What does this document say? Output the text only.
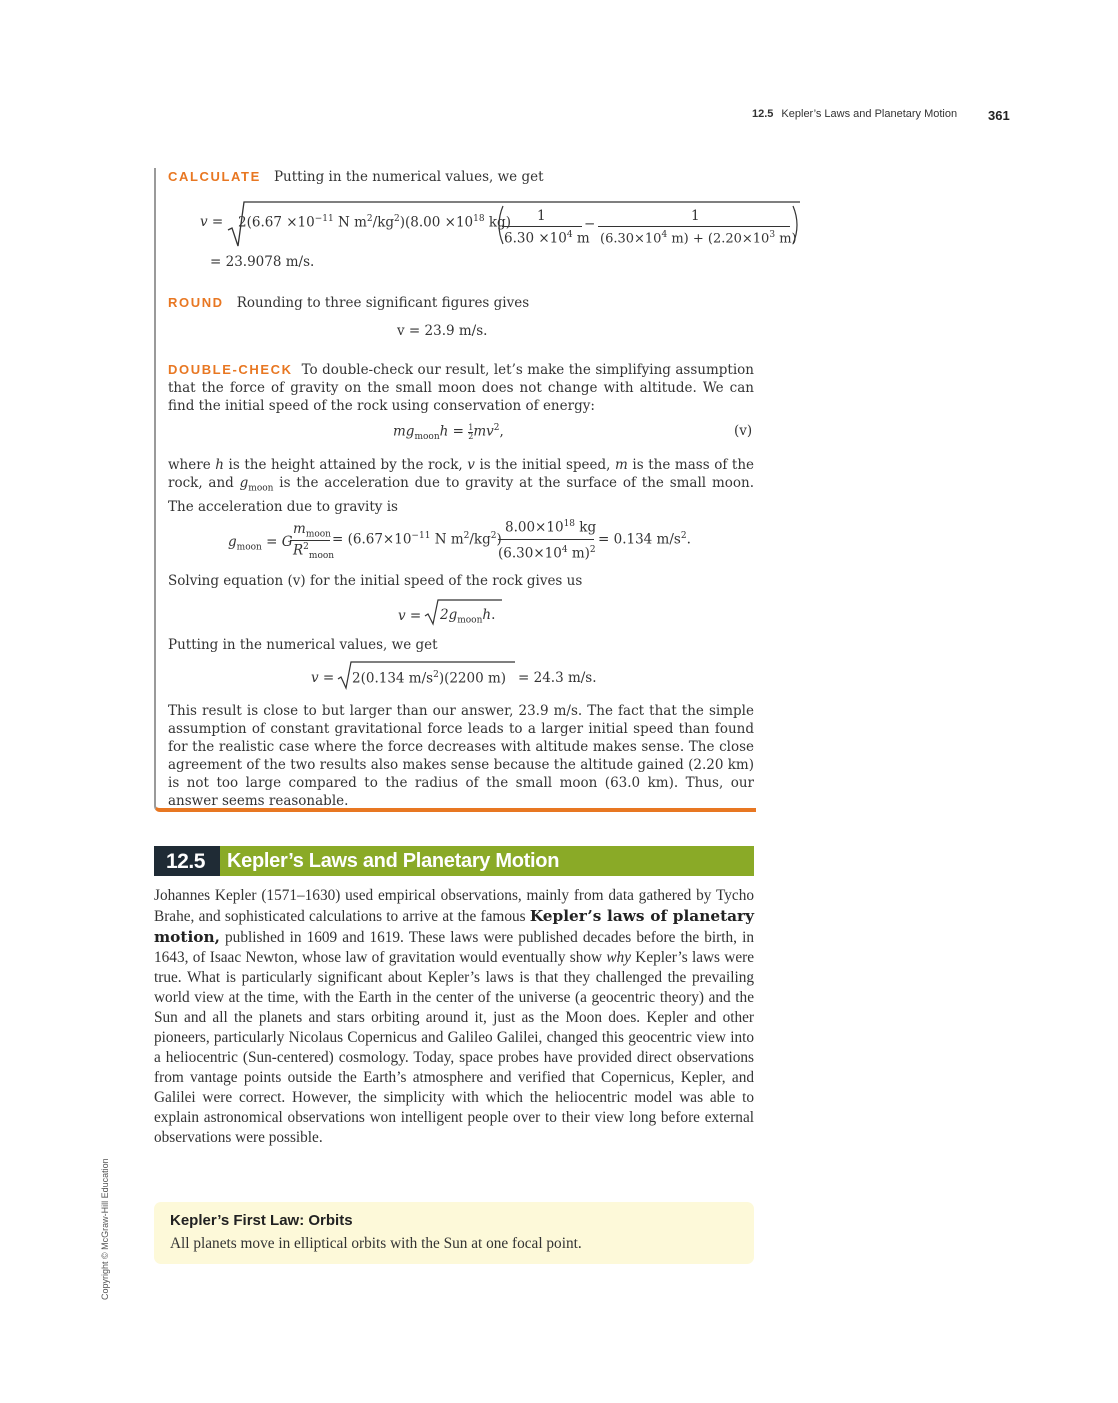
12.5 Kepler’s Laws and Planetary Motion 361
CALCULATE Putting in the numerical values, we get
$v = 2(6.67 \times 10^{-11}$ N $m^2/kg^2)(8.00 \times 10^{18}$ kg) 1
$6.30 \times 10^4$ m
−	1
($6.30\times 10^4$ $m) + (2.20\times 10^3$ m)
= 23.9078 m/s.
ROUND Rounding to three significant figures gives
v = 23.9 m/s.
DOUBLE-CHECK To double-check our result, let’s make the simplifying assumption that the force of gravity on the small moon does not change with altitude. We can find the initial speed of the rock using conservation of energy:
$mg_{moon}h = \frac{1}{2} mv^2$,	(v)
where h is the height attained by the rock, v is the initial speed, m is the mass of the rock, and $g_{moon}$ is the acceleration due to gravity at the surface of the small moon. The acceleration due to gravity is
$g_{moon} = G$
$m_{moon}$
$R^2_{moon}$
= ($6.67\times 10^{-11}$ N $m^2/kg^2$)
$8.00\times 10^{18}$ kg
($6.30\times 10^4$ m)$^2$
= 0.134 $m/s^2$.
Solving equation (v) for the initial speed of the rock gives us
$v = 2g_{moon}h$.
Putting in the numerical values, we get
v = 2(0.134 $m/s^2)(2200$ m) = 24.3 m/s.
This result is close to but larger than our answer, 23.9 m/s. The fact that the simple assumption of constant gravitational force leads to a larger initial speed than found for the realistic case where the force decreases with altitude makes sense. The close agreement of the two results also makes sense because the altitude gained (2.20 km) is not too large compared to the radius of the small moon (63.0 km). Thus, our answer seems reasonable.
12.5 Kepler’s Laws and Planetary Motion
Johannes Kepler (1571–1630) used empirical observations, mainly from data gathered by Tycho Brahe, and sophisticated calculations to arrive at the famous Kepler’s laws of planetary motion, published in 1609 and 1619. These laws were published decades before the birth, in 1643, of Isaac Newton, whose law of gravitation would eventually show why Kepler’s laws were true. What is particularly significant about Kepler’s laws is that they challenged the prevailing world view at the time, with the Earth in the center of the universe (a geocentric theory) and the Sun and all the planets and stars orbiting around it, just as the Moon does. Kepler and other pioneers, particularly Nicolaus Copernicus and Galileo Galilei, changed this geocentric view into a heliocentric (Sun-centered) cosmology. Today, space probes have provided direct observations from vantage points outside the Earth’s atmosphere and verified that Copernicus, Kepler, and Galilei were correct. However, the simplicity with which the heliocentric model was able to explain astronomical observations won intelligent people over to their view long before external observations were possible.
Kepler’s First Law: Orbits
All planets move in elliptical orbits with the Sun at one focal point.
Copyright © McGraw-Hill Education
